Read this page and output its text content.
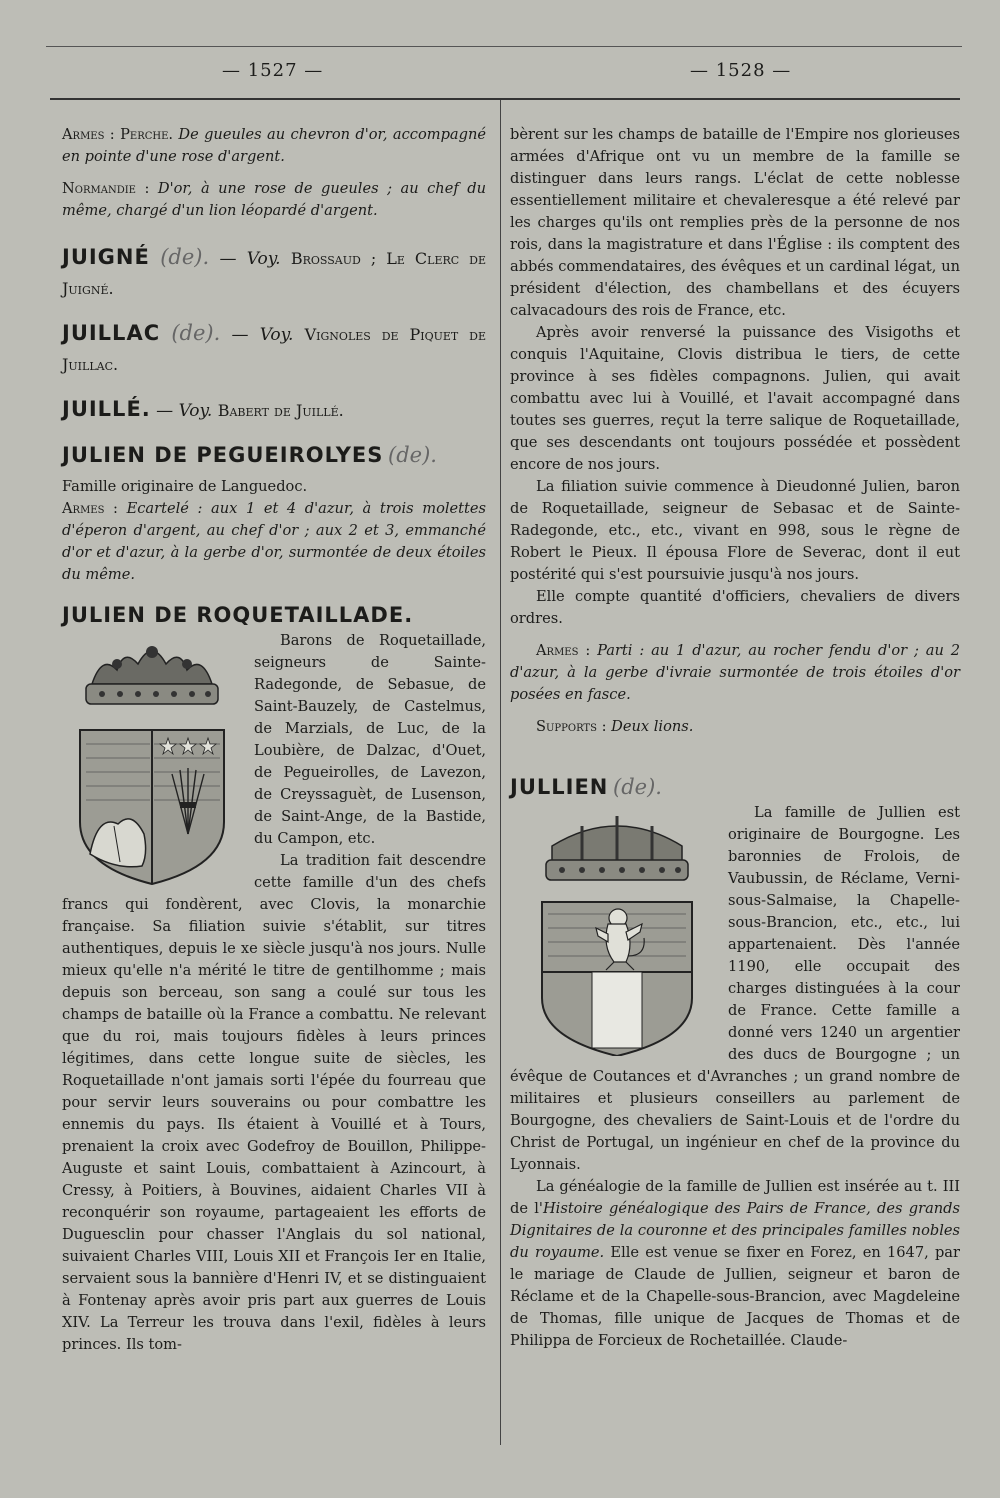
— 1527 —	— 1528 —

Armes : Perche. De gueules au chevron d'or, accompagné en pointe d'une rose d'argent.

Normandie : D'or, à une rose de gueules ; au chef du même, chargé d'un lion léopardé d'argent.

JUIGNÉ (de). — Voy. Brossaud ; Le Clerc de Juigné.

JUILLAC (de). — Voy. Vignoles de Piquet de Juillac.

JUILLÉ. — Voy. Babert de Juillé.

JULIEN DE PEGUEIROLYES (de).

Famille originaire de Languedoc.

Armes : Ecartelé : aux 1 et 4 d'azur, à trois molettes d'éperon d'argent, au chef d'or ; aux 2 et 3, emmanché d'or et d'azur, à la gerbe d'or, surmontée de deux étoiles du même.

JULIEN DE ROQUETAILLADE.

Barons de Roquetaillade, seigneurs de Sainte-Radegonde, de Sebasue, de Saint-Bauzely, de Castelmus, de Marzials, de Luc, de la Loubière, de Dalzac, d'Ouet, de Pegueirolles, de Lavezon, de Creyssaguèt, de Lusenson, de Saint-Ange, de la Bastide, du Campon, etc.

La tradition fait descendre cette famille d'un des chefs francs qui fondèrent, avec Clovis, la monarchie française. Sa filiation suivie s'établit, sur titres authentiques, depuis le xe siècle jusqu'à nos jours. Nulle mieux qu'elle n'a mérité le titre de gentilhomme ; mais depuis son berceau, son sang a coulé sur tous les champs de bataille où la France a combattu. Ne relevant que du roi, mais toujours fidèles à leurs princes légitimes, dans cette longue suite de siècles, les Roquetaillade n'ont jamais sorti l'épée du fourreau que pour servir leurs souverains ou pour combattre les ennemis du pays. Ils étaient à Vouillé et à Tours, prenaient la croix avec Godefroy de Bouillon, Philippe-Auguste et saint Louis, combattaient à Azincourt, à Cressy, à Poitiers, à Bouvines, aidaient Charles VII à reconquérir son royaume, partageaient les efforts de Duguesclin pour chasser l'Anglais du sol national, suivaient Charles VIII, Louis XII et François Ier en Italie, servaient sous la bannière d'Henri IV, et se distinguaient à Fontenay après avoir pris part aux guerres de Louis XIV. La Terreur les trouva dans l'exil, fidèles à leurs princes. Ils tom-

bèrent sur les champs de bataille de l'Empire nos glorieuses armées d'Afrique ont vu un membre de la famille se distinguer dans leurs rangs. L'éclat de cette noblesse essentiellement militaire et chevaleresque a été relevé par les charges qu'ils ont remplies près de la personne de nos rois, dans la magistrature et dans l'Église : ils comptent des abbés commendataires, des évêques et un cardinal légat, un président d'élection, des chambellans et des écuyers calvacadours des rois de France, etc.

Après avoir renversé la puissance des Visigoths et conquis l'Aquitaine, Clovis distribua le tiers, de cette province à ses fidèles compagnons. Julien, qui avait combattu avec lui à Vouillé, et l'avait accompagné dans toutes ses guerres, reçut la terre salique de Roquetaillade, que ses descendants ont toujours possédée et possèdent encore de nos jours.

La filiation suivie commence à Dieudonné Julien, baron de Roquetaillade, seigneur de Sebasac et de Sainte-Radegonde, etc., etc., vivant en 998, sous le règne de Robert le Pieux. Il épousa Flore de Severac, dont il eut postérité qui s'est poursuivie jusqu'à nos jours.

Elle compte quantité d'officiers, chevaliers de divers ordres.

Armes : Parti : au 1 d'azur, au rocher fendu d'or ; au 2 d'azur, à la gerbe d'ivraie surmontée de trois étoiles d'or posées en fasce.

Supports : Deux lions.

JULLIEN (de).

La famille de Jullien est originaire de Bourgogne. Les baronnies de Frolois, de Vaubussin, de Réclame, Verni-sous-Salmaise, la Chapelle-sous-Brancion, etc., etc., lui appartenaient. Dès l'année 1190, elle occupait des charges distinguées à la cour de France. Cette famille a donné vers 1240 un argentier des ducs de Bourgogne ; un évêque de Coutances et d'Avranches ; un grand nombre de militaires et plusieurs conseillers au parlement de Bourgogne, des chevaliers de Saint-Louis et de l'ordre du Christ de Portugal, un ingénieur en chef de la province du Lyonnais.

La généalogie de la famille de Jullien est insérée au t. III de l'Histoire généalogique des Pairs de France, des grands Dignitaires de la couronne et des principales familles nobles du royaume. Elle est venue se fixer en Forez, en 1647, par le mariage de Claude de Jullien, seigneur et baron de Réclame et de la Chapelle-sous-Brancion, avec Magdeleine de Thomas, fille unique de Jacques de Thomas et de Philippa de Forcieux de Rochetaillée. Claude-
